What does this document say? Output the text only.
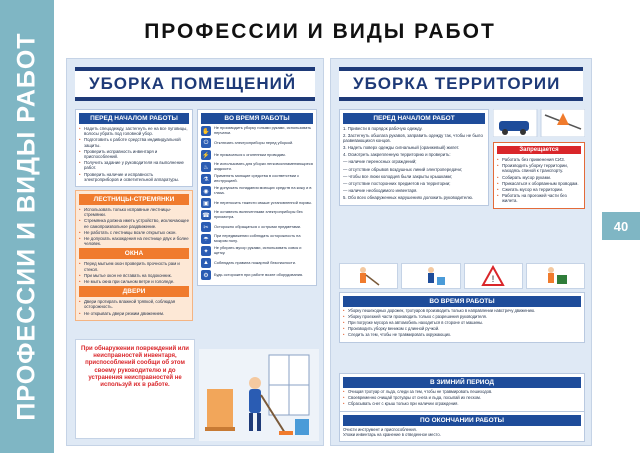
ПРОФЕССИИ И ВИДЫ РАБОТ
ПРОФЕССИИ И ВИДЫ РАБОТ
40
УБОРКА ПОМЕЩЕНИЙ
ПЕРЕД НАЧАЛОМ РАБОТЫ
• Надеть спецодежду, застегнуть ее на все пуговицы, волосы убрать под головной убор.
• Подготовить к работе средства индивидуальной защиты.
• Проверить исправность инвентаря и приспособлений.
• Получить задание у руководителя на выполнение работ.
• Проверить наличие и исправность электроприборов и осветительной аппаратуры.
ЛЕСТНИЦЫ-СТРЕМЯНКИ
• Использовать только исправные лестницы-стремянки.
• Стремянка должна иметь устройство, исключающее ее самопроизвольное раздвижение.
• Не работать с лестницы возле открытых окон.
• Не допускать нахождения на лестнице двух и более человек.
ОКНА
• Перед мытьем окон проверить прочность рам и стекол.
• При мытье окон не вставать на подоконник.
• Не мыть окна при сильном ветре и гололеде.
ДВЕРИ
• Двери протирать влажной тряпкой, соблюдая осторожность.
• Не открывать двери резким движением.
ВО ВРЕМЯ РАБОТЫ
✋
Не производить уборку голыми руками, использовать перчатки.
⏻	Отключать электроприборы перед уборкой.
⚡	Не прикасаться к оголенным проводам.
♨
Не использовать для уборки легковоспламеняющиеся жидкости.
⚗
Применять моющие средства в соответствии с инструкцией.
◉
Не допускать попадания моющих средств на кожу и в глаза.
▣	Не переносить тяжести свыше установленной нормы.
☎
Не оставлять включенными электроприборы без присмотра.
✂	Осторожно обращаться с острыми предметами.
☂
При передвижении соблюдать осторожность на мокром полу.
✦
Не убирать мусор руками, использовать совок и щетку.
▲	Соблюдать правила пожарной безопасности.
⚙	Будь осторожен при работе возле оборудования.
При обнаружении повреждений или неисправностей инвентаря, приспособлений сообщи об этом своему руководителю и до устранения неисправностей не используй их в работе.
УБОРКА ТЕРРИТОРИИ
ПЕРЕД НАЧАЛОМ РАБОТ
1. Привести в порядок рабочую одежду.
2. Застегнуть обшлага рукавов, заправить одежду так, чтобы не было развевающихся концов.
3. Надеть поверх одежды сигнальный (оранжевый) жилет.
4. Осмотреть закрепленную территорию и проверить:
— наличие переносных ограждений;
— отсутствие обрывов воздушных линий электропередачи;
— чтобы все люки колодцев были закрыты крышками;
— отсутствие посторонних предметов на территории;
— наличие необходимого инвентаря.
5. Обо всех обнаруженных нарушениях доложить руководителю.
Запрещается
• Работать без применения СИЗ.
• Производить уборку территории, находясь спиной к транспорту.
• Собирать мусор руками.
• Прикасаться к оборванным проводам.
• Сжигать мусор на территории.
• Работать на проезжей части без жилета.
!
ВО ВРЕМЯ РАБОТЫ
• Уборку пешеходных дорожек, тротуаров производить только в направлении навстречу движению.
• Уборку проезжей части производить только с разрешения руководителя.
• При погрузке мусора на автомобиль находиться в стороне от машины.
• Производить уборку веником с длинной ручкой.
• Следить за тем, чтобы не травмировать окружающих.
В ЗИМНИЙ ПЕРИОД
• Очищая тротуар от льда, следи за тем, чтобы не травмировать пешеходов.
• Своевременно очищай тротуары от снега и льда, посыпай их песком.
• Сбрасывать снег с крыш только при наличии ограждения.
ПО ОКОНЧАНИИ РАБОТЫ
Очисти инструмент и приспособления.
Уложи инвентарь на хранение в отведенное место.
